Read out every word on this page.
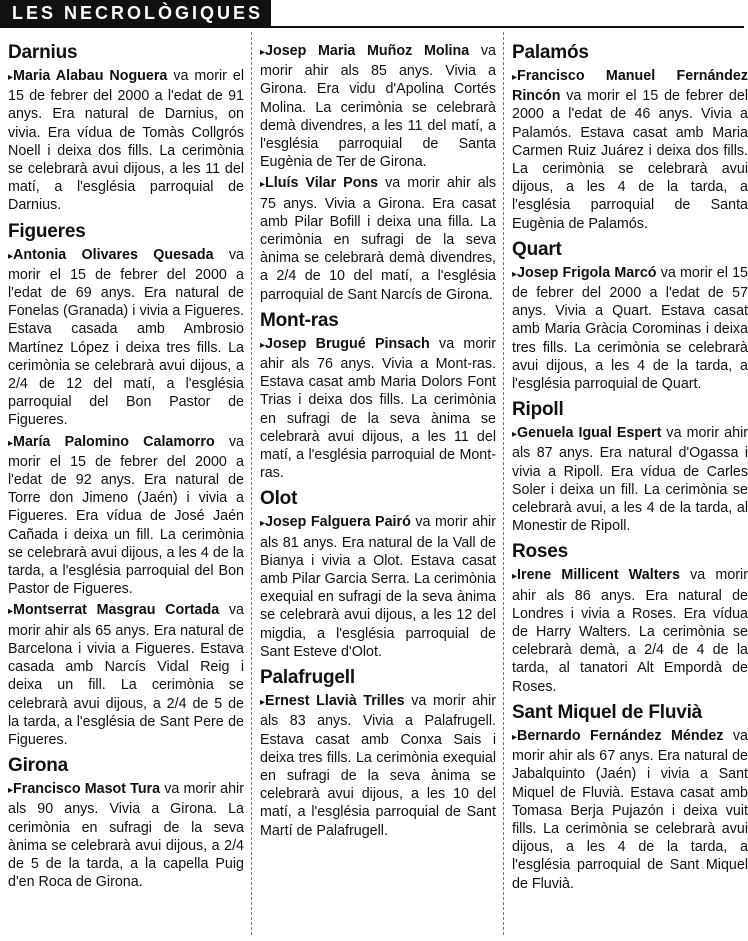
LES NECROLÒGIQUES
Darnius
▸Maria Alabau Noguera va morir el 15 de febrer del 2000 a l'edat de 91 anys. Era natural de Darnius, on vivia. Era vídua de Tomàs Collgrós Noell i deixa dos fills. La cerimònia se celebrarà avui dijous, a les 11 del matí, a l'església parroquial de Darnius.
Figueres
▸Antonia Olivares Quesada va morir el 15 de febrer del 2000 a l'edat de 69 anys. Era natural de Fonelas (Granada) i vivia a Figueres. Estava casada amb Ambrosio Martínez López i deixa tres fills. La cerimònia se celebrarà avui dijous, a 2/4 de 12 del matí, a l'església parroquial del Bon Pastor de Figueres.
▸María Palomino Calamorro va morir el 15 de febrer del 2000 a l'edat de 92 anys. Era natural de Torre don Jimeno (Jaén) i vivia a Figueres. Era vídua de José Jaén Cañada i deixa un fill. La cerimònia se celebrarà avui dijous, a les 4 de la tarda, a l'església parroquial del Bon Pastor de Figueres.
▸Montserrat Masgrau Cortada va morir ahir als 65 anys. Era natural de Barcelona i vivia a Figueres. Estava casada amb Narcís Vidal Reig i deixa un fill. La cerimònia se celebrarà avui dijous, a 2/4 de 5 de la tarda, a l'església de Sant Pere de Figueres.
Girona
▸Francisco Masot Tura va morir ahir als 90 anys. Vivia a Girona. La cerimònia en sufragi de la seva ànima se celebrarà avui dijous, a 2/4 de 5 de la tarda, a la capella Puig d'en Roca de Girona.
▸Josep Maria Muñoz Molina va morir ahir als 85 anys. Vivia a Girona. Era vidu d'Apolina Cortés Molina. La cerimònia se celebrarà demà divendres, a les 11 del matí, a l'església parroquial de Santa Eugènia de Ter de Girona.
▸Lluís Vilar Pons va morir ahir als 75 anys. Vivia a Girona. Era casat amb Pilar Bofill i deixa una filla. La cerimònia en sufragi de la seva ànima se celebrarà demà divendres, a 2/4 de 10 del matí, a l'església parroquial de Sant Narcís de Girona.
Mont-ras
▸Josep Brugué Pinsach va morir ahir als 76 anys. Vivia a Mont-ras. Estava casat amb Maria Dolors Font Trias i deixa dos fills. La cerimònia en sufragi de la seva ànima se celebrarà avui dijous, a les 11 del matí, a l'església parroquial de Mont-ras.
Olot
▸Josep Falguera Pairó va morir ahir als 81 anys. Era natural de la Vall de Bianya i vivia a Olot. Estava casat amb Pilar Garcia Serra. La cerimònia exequial en sufragi de la seva ànima se celebrarà avui dijous, a les 12 del migdia, a l'església parroquial de Sant Esteve d'Olot.
Palafrugell
▸Ernest Llavià Trilles va morir ahir als 83 anys. Vivia a Palafrugell. Estava casat amb Conxa Sais i deixa tres fills. La cerimònia exequial en sufragi de la seva ànima se celebrarà avui dijous, a les 10 del matí, a l'església parroquial de Sant Martí de Palafrugell.
Palamós
▸Francisco Manuel Fernández Rincón va morir el 15 de febrer del 2000 a l'edat de 46 anys. Vivia a Palamós. Estava casat amb Maria Carmen Ruiz Juárez i deixa dos fills. La cerimònia se celebrarà avui dijous, a les 4 de la tarda, a l'església parroquial de Santa Eugènia de Palamós.
Quart
▸Josep Frigola Marcó va morir el 15 de febrer del 2000 a l'edat de 57 anys. Vivia a Quart. Estava casat amb Maria Gràcia Corominas i deixa tres fills. La cerimònia se celebrarà avui dijous, a les 4 de la tarda, a l'església parroquial de Quart.
Ripoll
▸Genuela Igual Espert va morir ahir als 87 anys. Era natural d'Ogassa i vivia a Ripoll. Era vídua de Carles Soler i deixa un fill. La cerimònia se celebrarà avui, a les 4 de la tarda, al Monestir de Ripoll.
Roses
▸Irene Millicent Walters va morir ahir als 86 anys. Era natural de Londres i vivia a Roses. Era vídua de Harry Walters. La cerimònia se celebrarà demà, a 2/4 de 4 de la tarda, al tanatori Alt Empordà de Roses.
Sant Miquel de Fluvià
▸Bernardo Fernández Méndez va morir ahir als 67 anys. Era natural de Jabalquinto (Jaén) i vivia a Sant Miquel de Fluvià. Estava casat amb Tomasa Berja Pujazón i deixa vuit fills. La cerimònia se celebrarà avui dijous, a les 4 de la tarda, a l'església parroquial de Sant Miquel de Fluvià.
